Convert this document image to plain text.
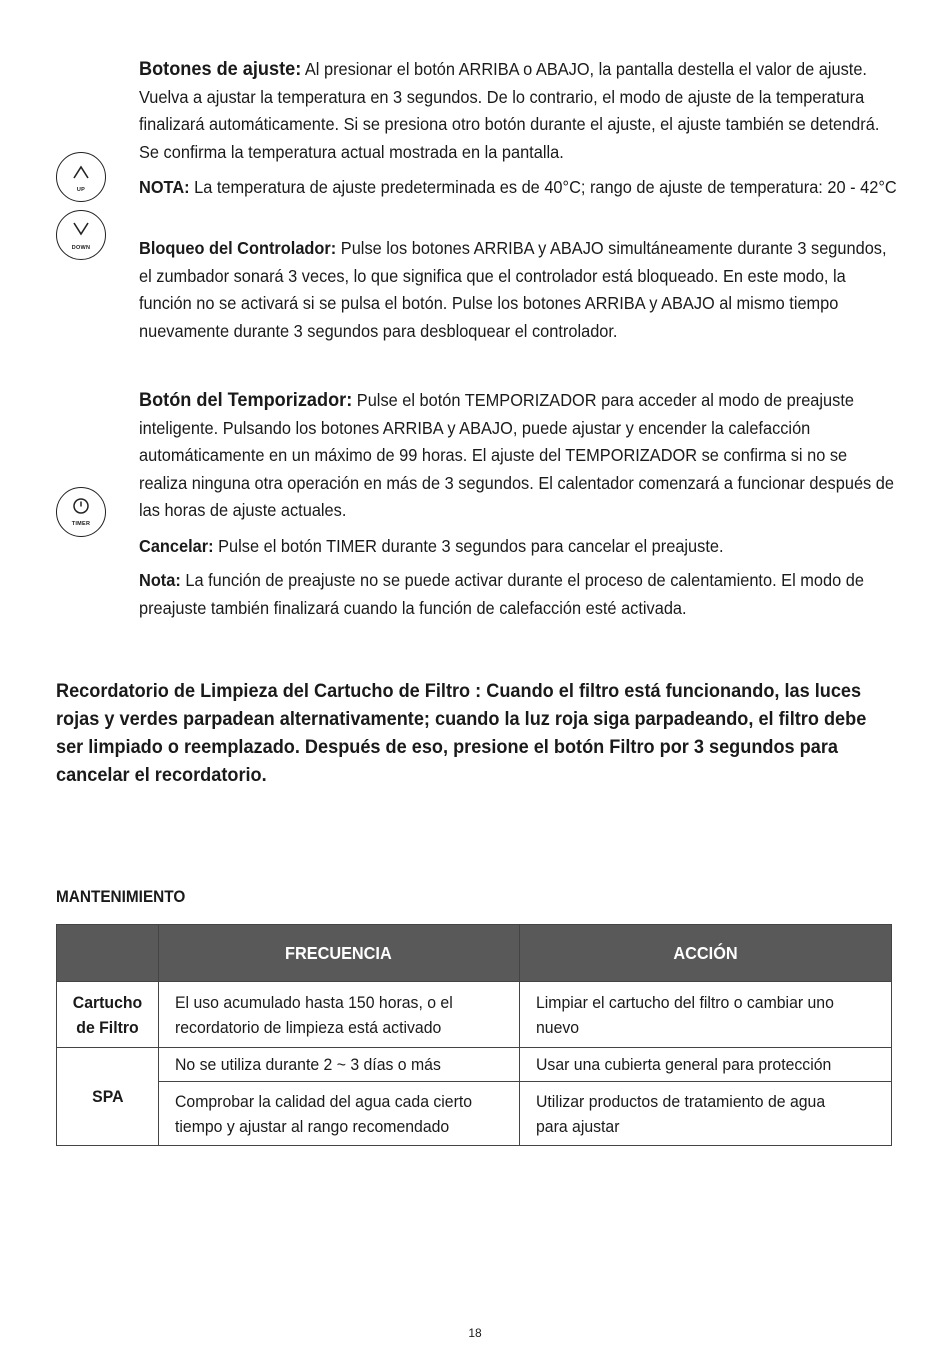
UP
DOWN
TIMER
Botones de ajuste: Al presionar el botón ARRIBA o ABAJO, la pantalla destella el valor de ajuste. Vuelva a ajustar la temperatura en 3 segundos. De lo contrario, el modo de ajuste de la temperatura finalizará automáticamente. Si se presiona otro botón durante el ajuste, el ajuste también se detendrá. Se confirma la temperatura actual mostrada en la pantalla.
NOTA: La temperatura de ajuste predeterminada es de 40°C; rango de ajuste de temperatura: 20 - 42°C
Bloqueo del Controlador: Pulse los botones ARRIBA y ABAJO simultáneamente durante 3 segundos, el zumbador sonará 3 veces, lo que significa que el controlador está bloqueado. En este modo, la función no se activará si se pulsa el botón. Pulse los botones ARRIBA y ABAJO al mismo tiempo nuevamente durante 3 segundos para desbloquear el controlador.
Botón del Temporizador: Pulse el botón TEMPORIZADOR para acceder al modo de preajuste inteligente. Pulsando los botones ARRIBA y ABAJO, puede ajustar y encender la calefacción automáticamente en un máximo de 99 horas. El ajuste del TEMPORIZADOR se confirma si no se realiza ninguna otra operación en más de 3 segundos. El calentador comenzará a funcionar después de las horas de ajuste actuales.
Cancelar: Pulse el botón TIMER durante 3 segundos para cancelar el preajuste.
Nota: La función de preajuste no se puede activar durante el proceso de calentamiento. El modo de preajuste también finalizará cuando la función de calefacción esté activada.
Recordatorio de Limpieza del Cartucho de Filtro : Cuando el filtro está funcionando, las luces rojas y verdes parpadean alternativamente; cuando la luz roja siga parpadeando, el filtro debe ser limpiado o reemplazado. Después de eso, presione el botón Filtro por 3 segundos para cancelar el recordatorio.
MANTENIMIENTO
	FRECUENCIA	ACCIÓN
Cartucho de Filtro	El uso acumulado hasta 150 horas, o el recordatorio de limpieza está activado	Limpiar el cartucho del filtro o cambiar uno nuevo
SPA	No se utiliza durante 2 ~ 3 días o más	Usar una cubierta general para protección
	Comprobar la calidad del agua cada cierto tiempo y ajustar al rango recomendado	Utilizar productos de tratamiento de agua para ajustar
18
